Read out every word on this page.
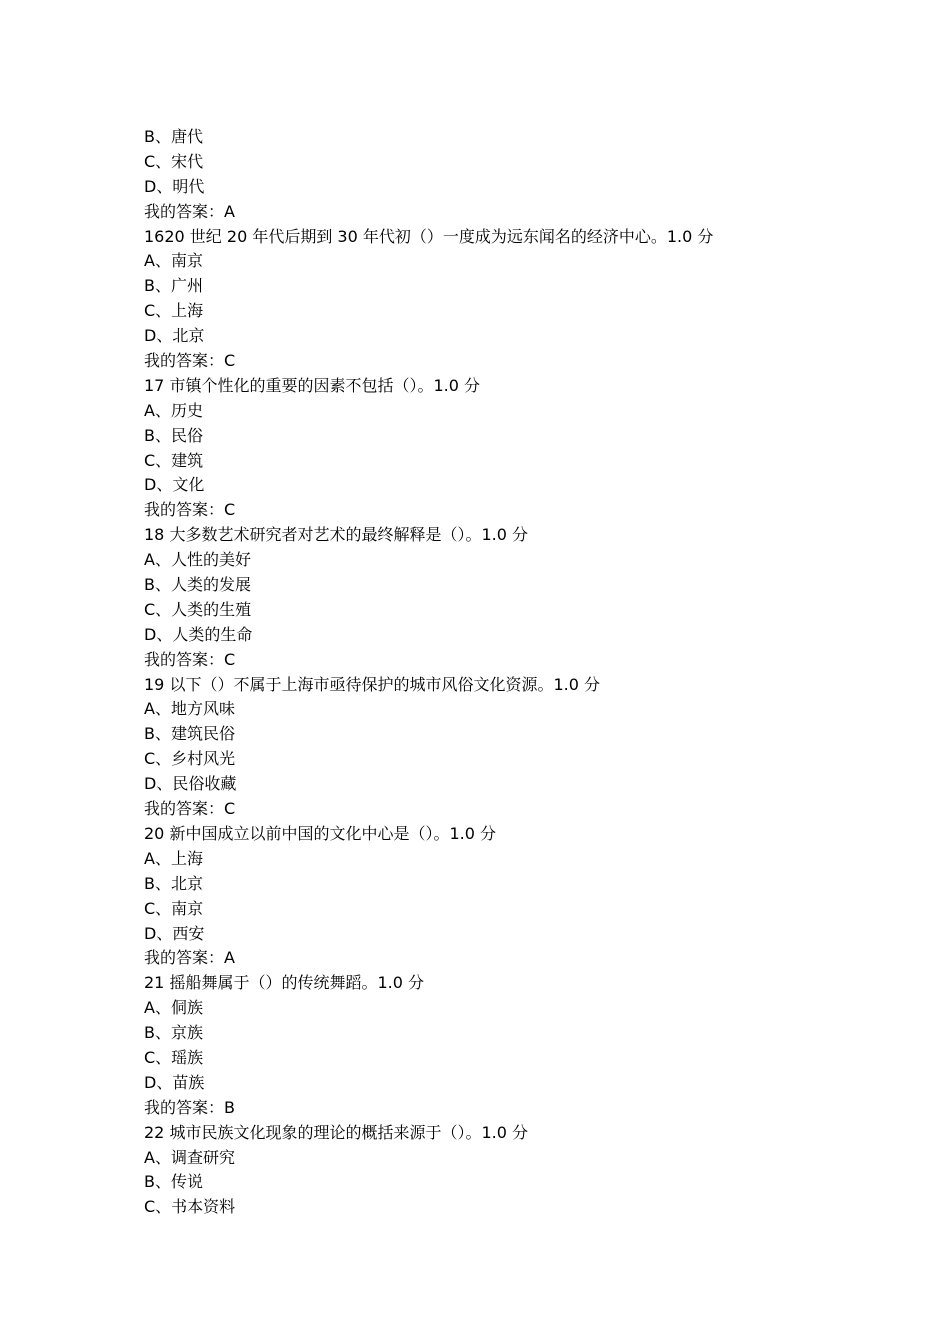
B、唐代
C、宋代
D、明代
我的答案：A
1620 世纪 20 年代后期到 30 年代初（）一度成为远东闻名的经济中心。1.0 分
A、南京
B、广州
C、上海
D、北京
我的答案：C
17 市镇个性化的重要的因素不包括（）。1.0 分
A、历史
B、民俗
C、建筑
D、文化
我的答案：C
18 大多数艺术研究者对艺术的最终解释是（）。1.0 分
A、人性的美好
B、人类的发展
C、人类的生殖
D、人类的生命
我的答案：C
19 以下（）不属于上海市亟待保护的城市风俗文化资源。1.0 分
A、地方风味
B、建筑民俗
C、乡村风光
D、民俗收藏
我的答案：C
20 新中国成立以前中国的文化中心是（）。1.0 分
A、上海
B、北京
C、南京
D、西安
我的答案：A
21 摇船舞属于（）的传统舞蹈。1.0 分
A、侗族
B、京族
C、瑶族
D、苗族
我的答案：B
22 城市民族文化现象的理论的概括来源于（）。1.0 分
A、调查研究
B、传说
C、书本资料
